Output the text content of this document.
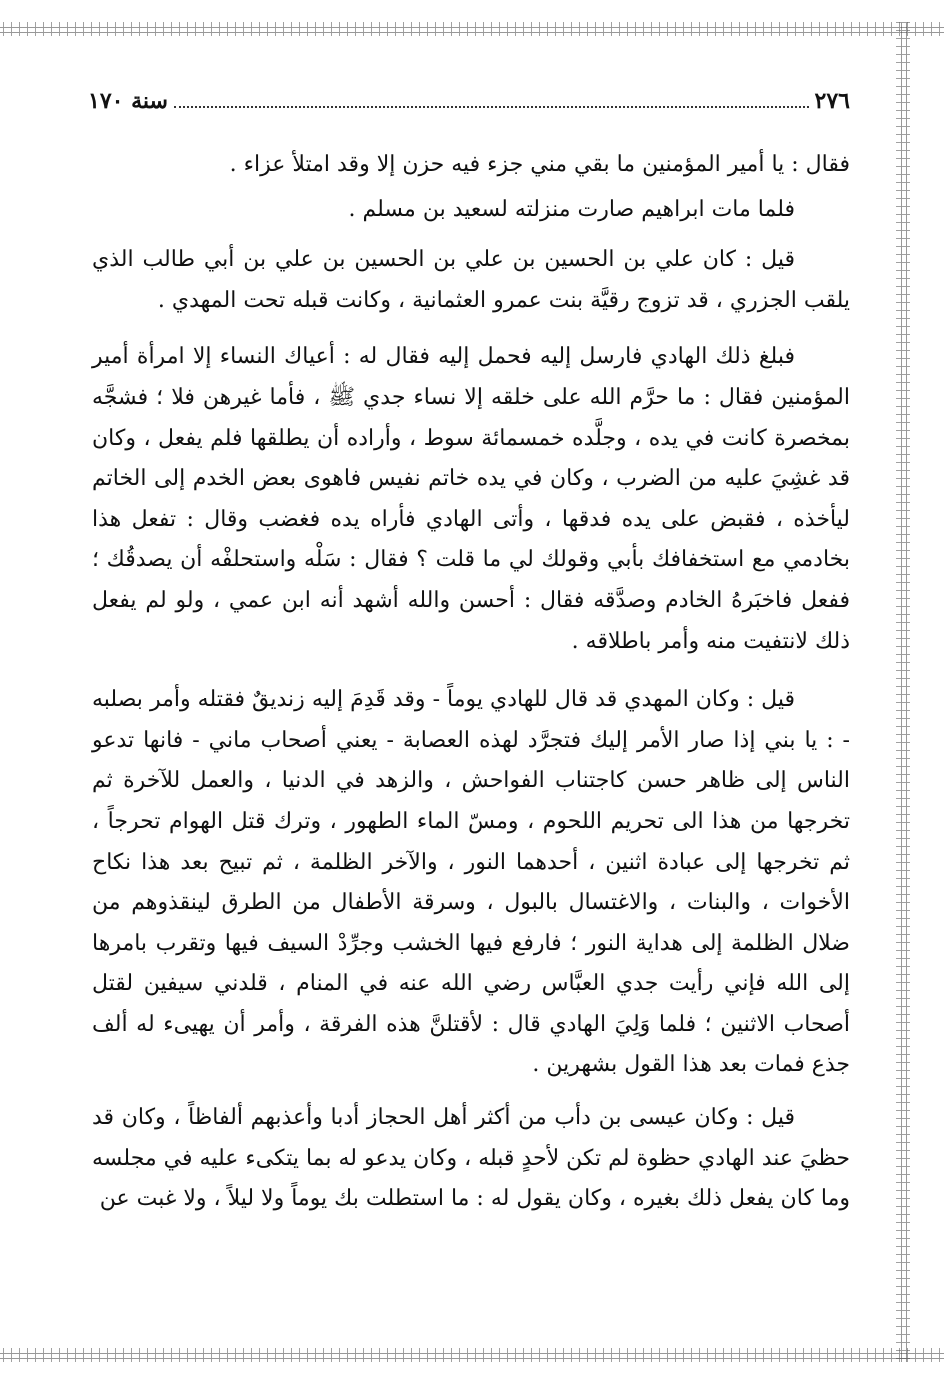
٢٧٦
سنة ١٧٠

فقال : يا أمير المؤمنين ما بقي مني جزء فيه حزن إلا وقد امتلأ عزاء .

فلما مات ابراهيم صارت منزلته لسعيد بن مسلم .

قيل : كان علي بن الحسين بن علي بن الحسين بن علي بن أبي طالب الذي يلقب الجزري ، قد تزوج رقيَّة بنت عمرو العثمانية ، وكانت قبله تحت المهدي .

فبلغ ذلك الهادي فارسل إليه فحمل إليه فقال له : أعياك النساء إلا امرأة أمير المؤمنين فقال : ما حرَّم الله على خلقه إلا نساء جدي ﷺ ، فأما غيرهن فلا ؛ فشجَّه بمخصرة كانت في يده ، وجلَّده خمسمائة سوط ، وأراده أن يطلقها فلم يفعل ، وكان قد غشِيَ عليه من الضرب ، وكان في يده خاتم نفيس فاهوى بعض الخدم إلى الخاتم ليأخذه ، فقبض على يده فدقها ، وأتى الهادي فأراه يده فغضب وقال : تفعل هذا بخادمي مع استخفافك بأبي وقولك لي ما قلت ؟ فقال : سَلْه واستحلفْه أن يصدقُك ؛ ففعل فاخبَرهُ الخادم وصدَّقه فقال : أحسن والله أشهد أنه ابن عمي ، ولو لم يفعل ذلك لانتفيت منه وأمر باطلاقه .

قيل : وكان المهدي قد قال للهادي يوماً - وقد قَدِمَ إليه زنديقٌ فقتله وأمر بصلبه - : يا بني إذا صار الأمر إليك فتجرَّد لهذه العصابة - يعني أصحاب ماني - فانها تدعو الناس إلى ظاهر حسن كاجتناب الفواحش ، والزهد في الدنيا ، والعمل للآخرة ثم تخرجها من هذا الى تحريم اللحوم ، ومسّ الماء الطهور ، وترك قتل الهوام تحرجاً ، ثم تخرجها إلى عبادة اثنين ، أحدهما النور ، والآخر الظلمة ، ثم تبيح بعد هذا نكاح الأخوات ، والبنات ، والاغتسال بالبول ، وسرقة الأطفال من الطرق لينقذوهم من ضلال الظلمة إلى هداية النور ؛ فارفع فيها الخشب وجرِّدْ السيف فيها وتقرب بامرها إلى الله فإني رأيت جدي العبَّاس رضي الله عنه في المنام ، قلدني سيفين لقتل أصحاب الاثنين ؛ فلما وَلِيَ الهادي قال : لأقتلنَّ هذه الفرقة ، وأمر أن يهيىء له ألف جذع فمات بعد هذا القول بشهرين .

قيل : وكان عيسى بن دأب من أكثر أهل الحجاز أدبا وأعذبهم ألفاظاً ، وكان قد حظيَ عند الهادي حظوة لم تكن لأحدٍ قبله ، وكان يدعو له بما يتكىء عليه في مجلسه وما كان يفعل ذلك بغيره ، وكان يقول له : ما استطلت بك يوماً ولا ليلاً ، ولا غبت عن
